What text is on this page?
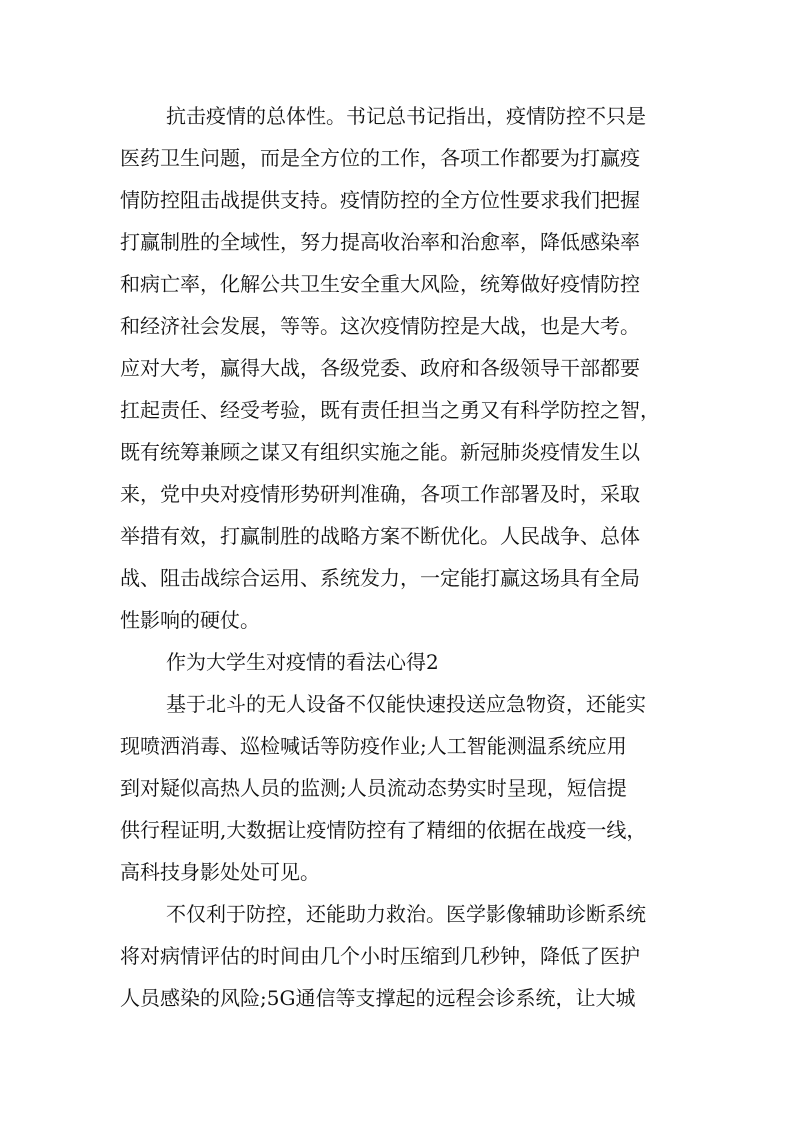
抗击疫情的总体性。书记总书记指出，疫情防控不只是
医药卫生问题，而是全方位的工作，各项工作都要为打赢疫
情防控阻击战提供支持。疫情防控的全方位性要求我们把握
打赢制胜的全域性，努力提高收治率和治愈率，降低感染率
和病亡率，化解公共卫生安全重大风险，统筹做好疫情防控
和经济社会发展，等等。这次疫情防控是大战，也是大考。
应对大考，赢得大战，各级党委、政府和各级领导干部都要
扛起责任、经受考验，既有责任担当之勇又有科学防控之智，
既有统筹兼顾之谋又有组织实施之能。新冠肺炎疫情发生以
来，党中央对疫情形势研判准确，各项工作部署及时，采取
举措有效，打赢制胜的战略方案不断优化。人民战争、总体
战、阻击战综合运用、系统发力，一定能打赢这场具有全局
性影响的硬仗。
作为大学生对疫情的看法心得2
基于北斗的无人设备不仅能快速投送应急物资，还能实
现喷洒消毒、巡检喊话等防疫作业;人工智能测温系统应用
到对疑似高热人员的监测;人员流动态势实时呈现，短信提
供行程证明,大数据让疫情防控有了精细的依据在战疫一线，
高科技身影处处可见。
不仅利于防控，还能助力救治。医学影像辅助诊断系统
将对病情评估的时间由几个小时压缩到几秒钟，降低了医护
人员感染的风险;5G通信等支撑起的远程会诊系统，让大城
